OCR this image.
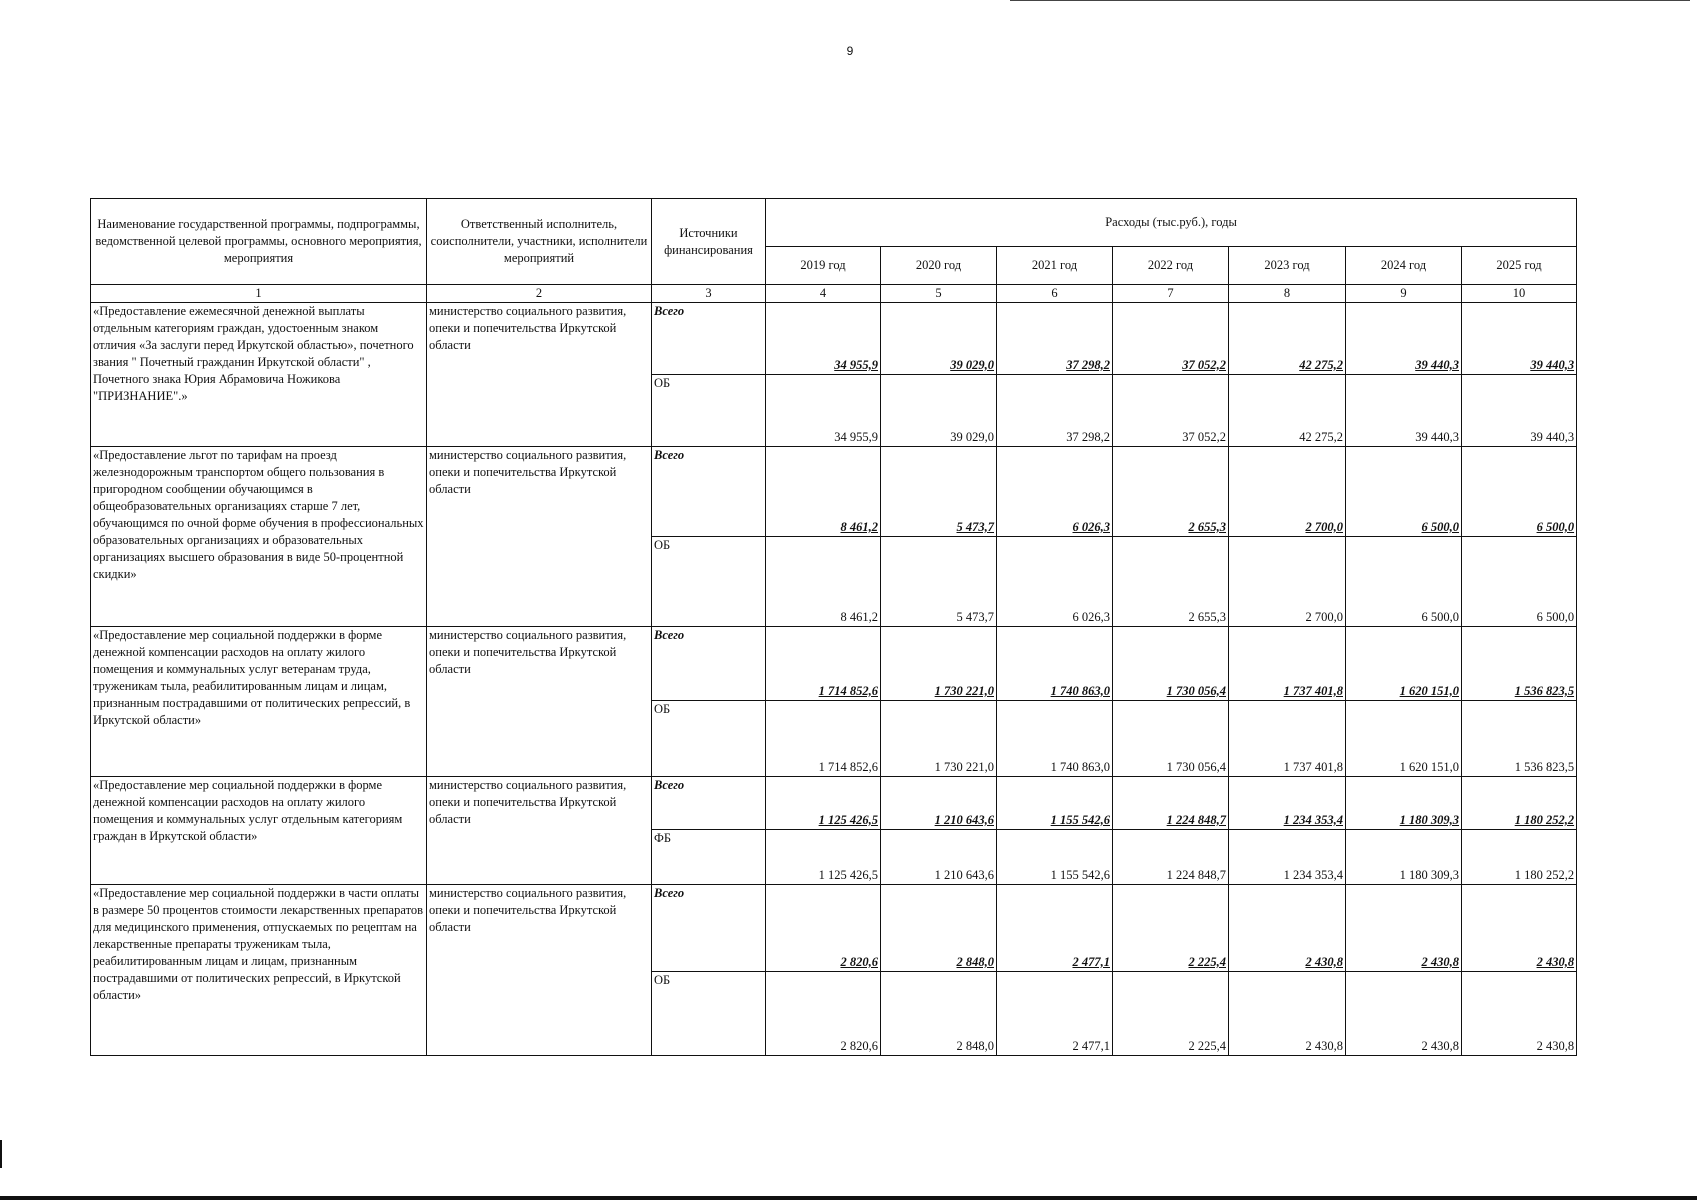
9
Наименование государственной программы, подпрограммы, ведомственной целевой программы, основного мероприятия, мероприятия	Ответственный исполнитель, соисполнители, участники, исполнители мероприятий	Источники финансирования	Расходы (тыс.руб.), годы						
			2019 год	2020 год	2021 год	2022 год	2023 год	2024 год	2025 год
1	2	3	4	5	6	7	8	9	10
«Предоставление ежемесячной денежной выплаты отдельным категориям граждан, удостоенным знаком отличия «За заслуги перед Иркутской областью», почетного звания " Почетный гражданин Иркутской области" , Почетного знака Юрия Абрамовича Ножикова "ПРИЗНАНИЕ".»	министерство социального развития, опеки и попечительства Иркутской области	Всего	34 955,9	39 029,0	37 298,2	37 052,2	42 275,2	39 440,3	39 440,3
		ОБ	34 955,9	39 029,0	37 298,2	37 052,2	42 275,2	39 440,3	39 440,3
«Предоставление льгот по тарифам на проезд железнодорожным транспортом общего пользования в пригородном сообщении обучающимся в общеобразовательных организациях старше 7 лет, обучающимся по очной форме обучения в профессиональных образовательных организациях и образовательных организациях высшего образования в виде 50-процентной скидки»	министерство социального развития, опеки и попечительства Иркутской области	Всего	8 461,2	5 473,7	6 026,3	2 655,3	2 700,0	6 500,0	6 500,0
		ОБ	8 461,2	5 473,7	6 026,3	2 655,3	2 700,0	6 500,0	6 500,0
«Предоставление мер социальной поддержки в форме денежной компенсации расходов на оплату жилого помещения и коммунальных услуг ветеранам труда, труженикам тыла, реабилитированным лицам и лицам, признанным пострадавшими от политических репрессий, в Иркутской области»	министерство социального развития, опеки и попечительства Иркутской области	Всего	1 714 852,6	1 730 221,0	1 740 863,0	1 730 056,4	1 737 401,8	1 620 151,0	1 536 823,5
		ОБ	1 714 852,6	1 730 221,0	1 740 863,0	1 730 056,4	1 737 401,8	1 620 151,0	1 536 823,5
«Предоставление мер социальной поддержки в форме денежной компенсации расходов на оплату жилого помещения и коммунальных услуг отдельным категориям граждан в Иркутской области»	министерство социального развития, опеки и попечительства Иркутской области	Всего	1 125 426,5	1 210 643,6	1 155 542,6	1 224 848,7	1 234 353,4	1 180 309,3	1 180 252,2
		ФБ	1 125 426,5	1 210 643,6	1 155 542,6	1 224 848,7	1 234 353,4	1 180 309,3	1 180 252,2
«Предоставление мер социальной поддержки в части оплаты в размере 50 процентов стоимости лекарственных препаратов для медицинского применения, отпускаемых по рецептам на лекарственные препараты труженикам тыла, реабилитированным лицам и лицам, признанным пострадавшими от политических репрессий, в Иркутской области»	министерство социального развития, опеки и попечительства Иркутской области	Всего	2 820,6	2 848,0	2 477,1	2 225,4	2 430,8	2 430,8	2 430,8
		ОБ	2 820,6	2 848,0	2 477,1	2 225,4	2 430,8	2 430,8	2 430,8
